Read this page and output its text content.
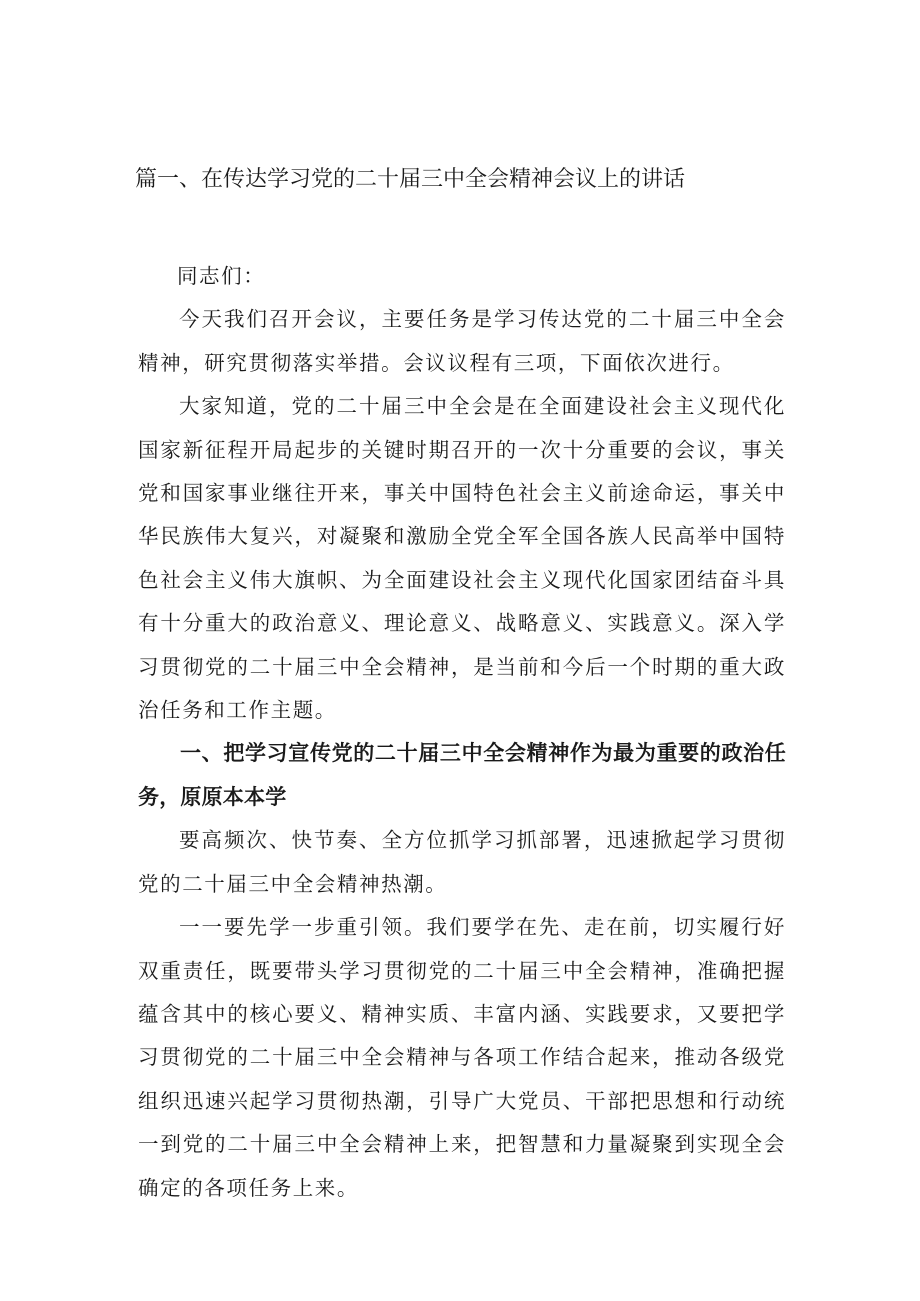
篇一、在传达学习党的二十届三中全会精神会议上的讲话

同志们：

今天我们召开会议，主要任务是学习传达党的二十届三中全会精神，研究贯彻落实举措。会议议程有三项，下面依次进行。

大家知道，党的二十届三中全会是在全面建设社会主义现代化国家新征程开局起步的关键时期召开的一次十分重要的会议，事关党和国家事业继往开来，事关中国特色社会主义前途命运，事关中华民族伟大复兴，对凝聚和激励全党全军全国各族人民高举中国特色社会主义伟大旗帜、为全面建设社会主义现代化国家团结奋斗具有十分重大的政治意义、理论意义、战略意义、实践意义。深入学习贯彻党的二十届三中全会精神，是当前和今后一个时期的重大政治任务和工作主题。

一、把学习宣传党的二十届三中全会精神作为最为重要的政治任务，原原本本学

要高频次、快节奏、全方位抓学习抓部署，迅速掀起学习贯彻党的二十届三中全会精神热潮。

一一要先学一步重引领。我们要学在先、走在前，切实履行好双重责任，既要带头学习贯彻党的二十届三中全会精神，准确把握蕴含其中的核心要义、精神实质、丰富内涵、实践要求，又要把学习贯彻党的二十届三中全会精神与各项工作结合起来，推动各级党组织迅速兴起学习贯彻热潮，引导广大党员、干部把思想和行动统一到党的二十届三中全会精神上来，把智慧和力量凝聚到实现全会确定的各项任务上来。
